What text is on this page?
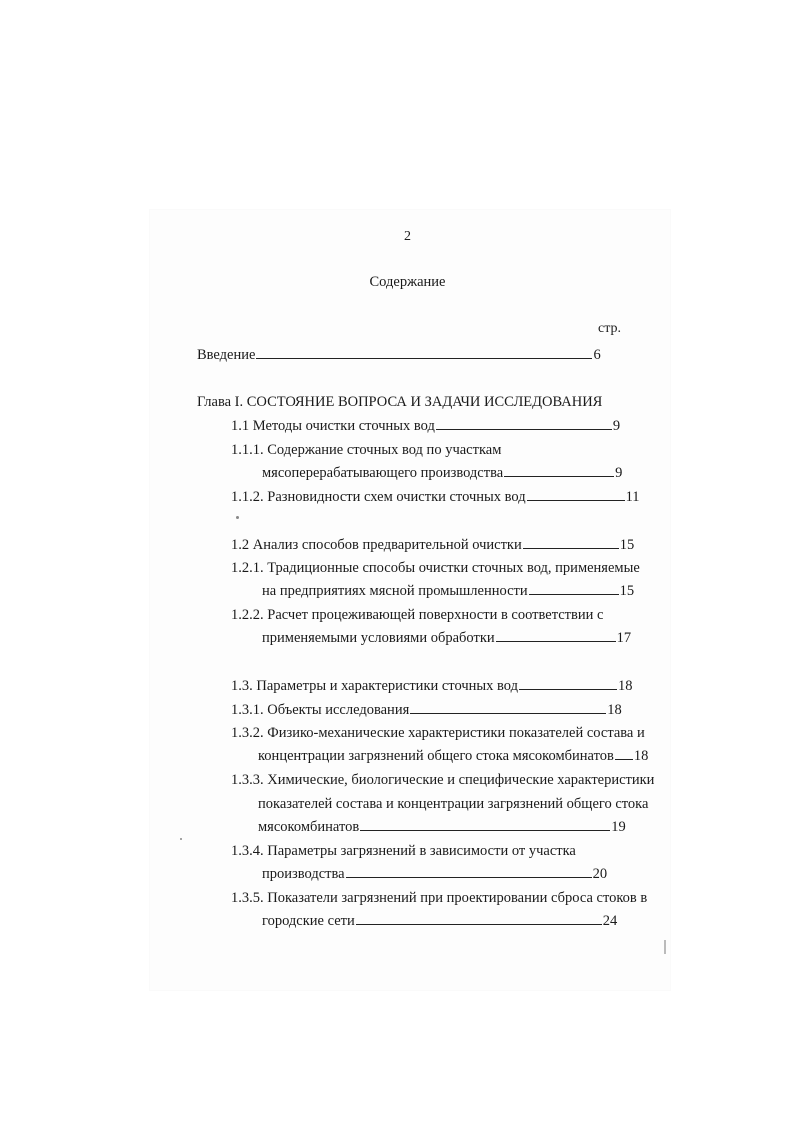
2
Содержание
стр.
Введение	6
Глава I. СОСТОЯНИЕ ВОПРОСА И ЗАДАЧИ ИССЛЕДОВАНИЯ
1.1 Методы очистки сточных вод	9
1.1.1. Содержание сточных вод по участкам
мясоперерабатывающего производства	9
1.1.2. Разновидности схем очистки сточных вод	11
1.2 Анализ способов предварительной очистки	15
1.2.1. Традиционные способы очистки сточных вод, применяемые
на предприятиях мясной промышленности	15
1.2.2. Расчет процеживающей поверхности в соответствии с
применяемыми условиями обработки	17
1.3. Параметры и характеристики сточных вод	18
1.3.1. Объекты исследования	18
1.3.2. Физико-механические характеристики показателей состава и
концентрации загрязнений общего стока мясокомбинатов 18
1.3.3. Химические, биологические и специфические характеристики
показателей состава и концентрации загрязнений общего стока
мясокомбинатов	19
1.3.4. Параметры загрязнений в зависимости от участка
производства	20
1.3.5. Показатели загрязнений при проектировании сброса стоков в
городские сети	24
